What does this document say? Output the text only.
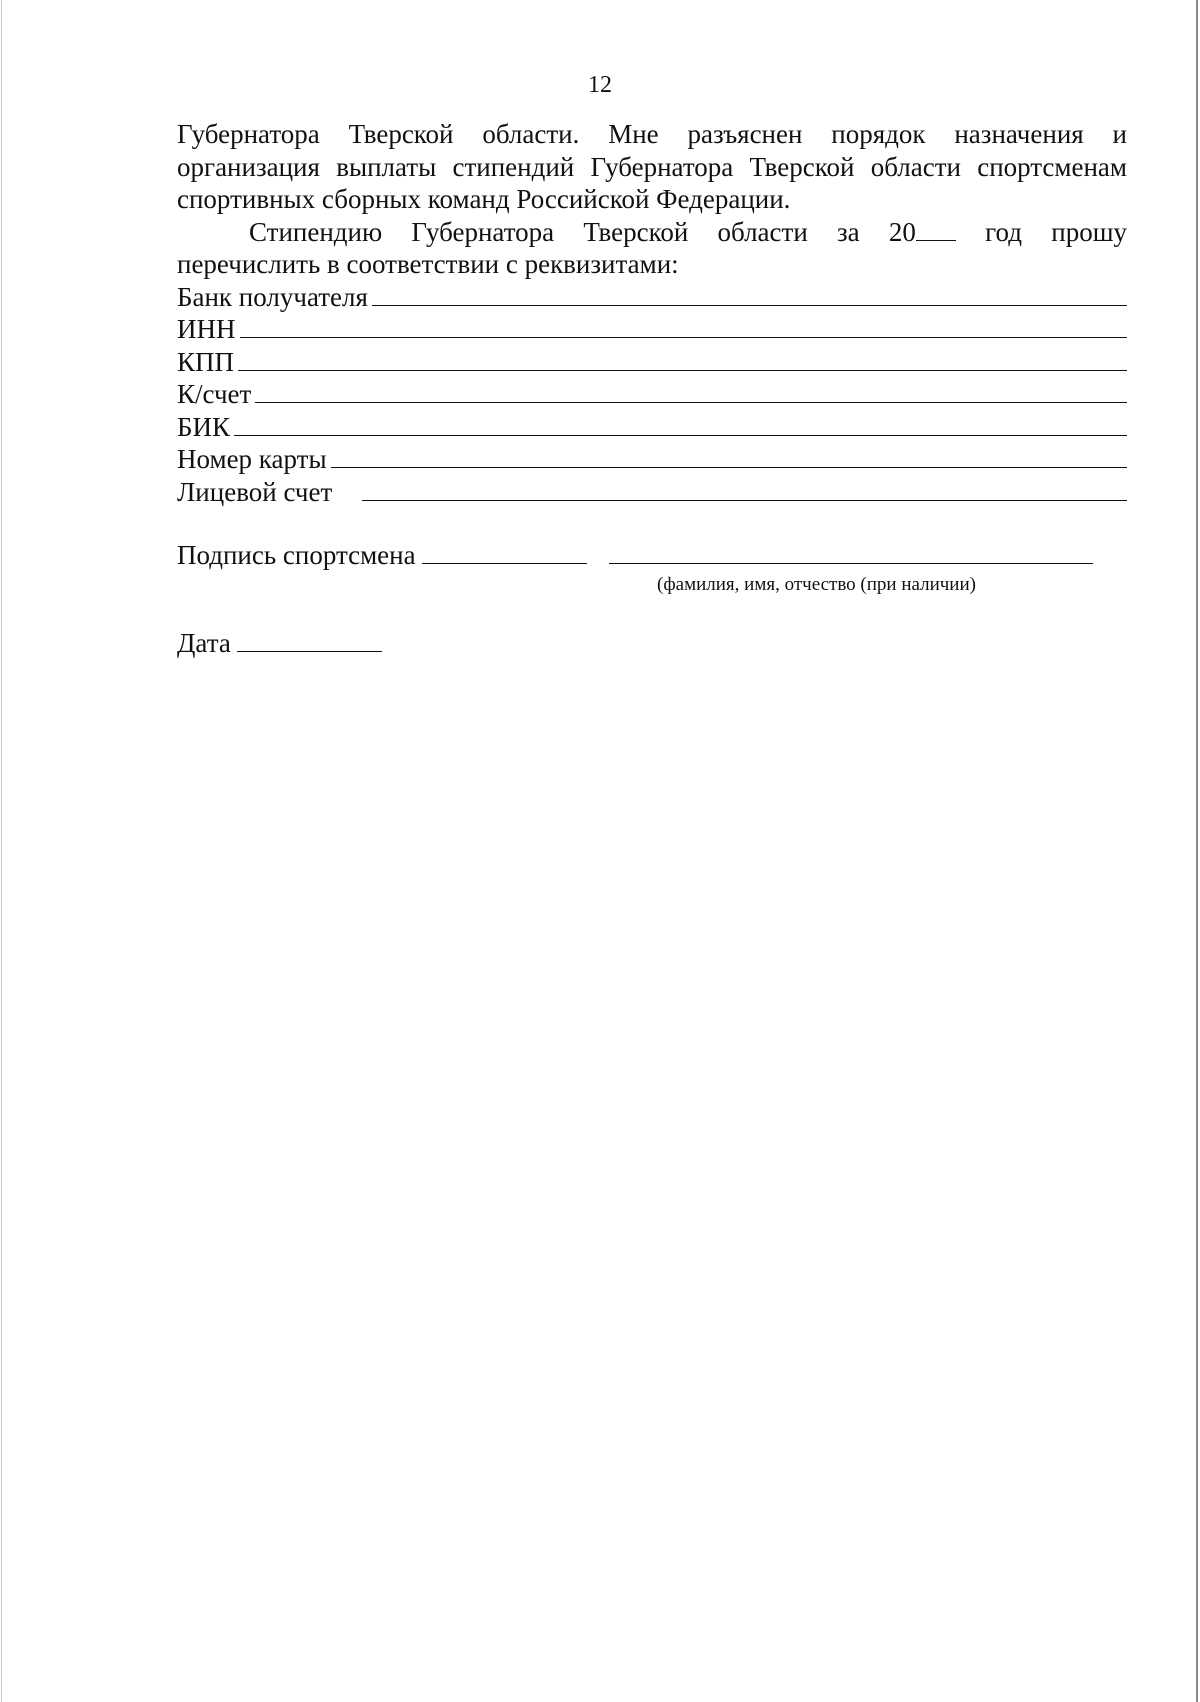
12
Губернатора Тверской области. Мне разъяснен порядок назначения и
организация выплаты стипендий Губернатора Тверской области спортсменам
спортивных сборных команд Российской Федерации.
Стипендию Губернатора Тверской области за 20	год прошу
перечислить в соответствии с реквизитами:
Банк получателя
ИНН
КПП
К/счет
БИК
Номер карты
Лицевой счет
Подпись спортсмена
(фамилия, имя, отчество (при наличии)
Дата
